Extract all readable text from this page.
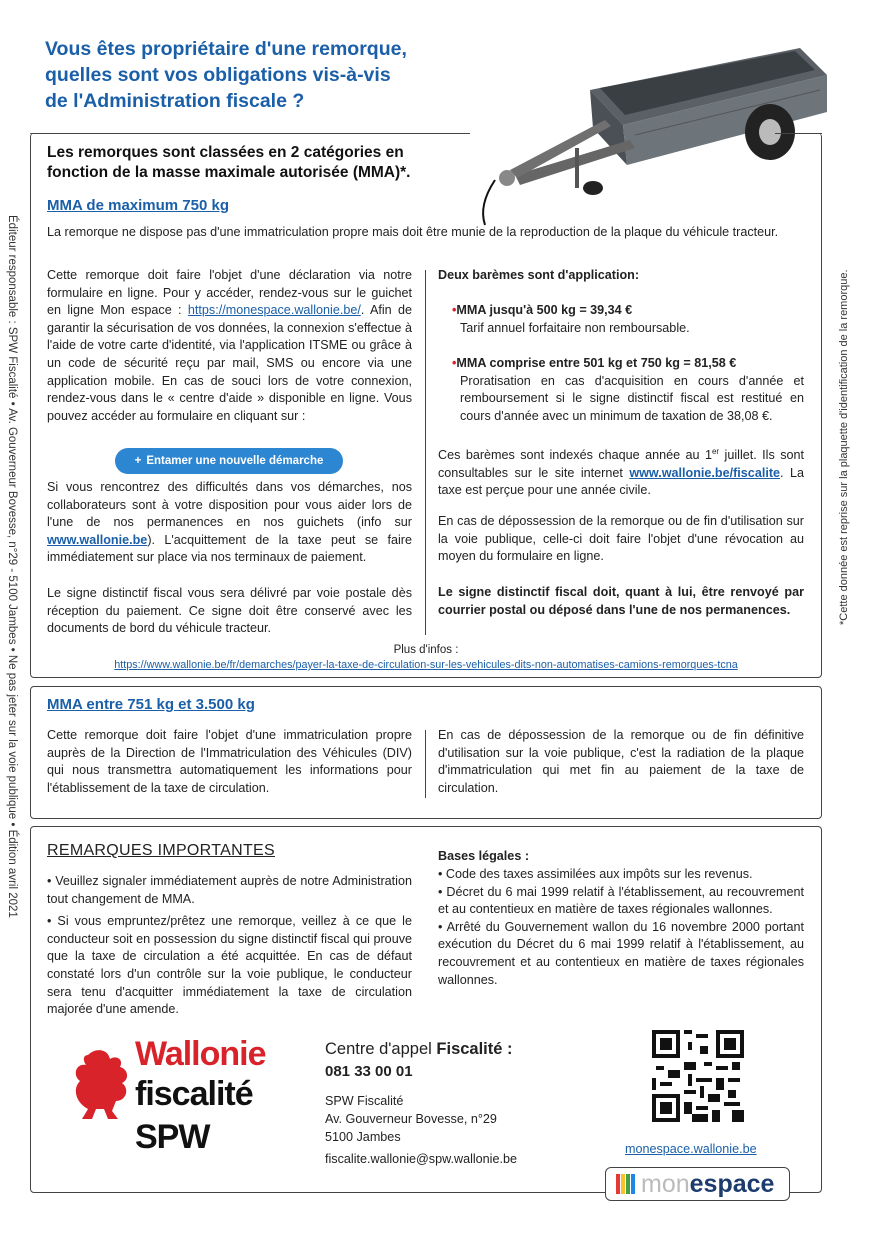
Éditeur responsable : SPW Fiscalité • Av. Gouverneur Bovesse, n°29 - 5100 Jambes • Ne pas jeter sur la voie publique • Édition avril 2021	*Cette donnée est reprise sur la plaquette d'identification de la remorque.
Vous êtes propriétaire d'une remorque,
quelles sont vos obligations vis-à-vis
de l'Administration fiscale ?
Les remorques sont classées en 2 catégories en
fonction de la masse maximale autorisée (MMA)*.
MMA de maximum 750 kg
La remorque ne dispose pas d'une immatriculation propre mais doit être munie de la reproduction de la plaque du véhicule tracteur.
Cette remorque doit faire l'objet d'une déclaration via notre formulaire en ligne. Pour y accéder, rendez-vous sur le guichet en ligne Mon espace : https://monespace.wallonie.be/. Afin de garantir la sécurisation de vos données, la connexion s'effectue à l'aide de votre carte d'identité, via l'application ITSME ou grâce à un code de sécurité reçu par mail, SMS ou encore via une application mobile. En cas de souci lors de votre connexion, rendez-vous dans le « centre d'aide » disponible en ligne. Vous pouvez accéder au formulaire en cliquant sur :
+ Entamer une nouvelle démarche
Si vous rencontrez des difficultés dans vos démarches, nos collaborateurs sont à votre disposition pour vous aider lors de l'une de nos permanences en nos guichets (info sur www.wallonie.be). L'acquittement de la taxe peut se faire immédiatement sur place via nos terminaux de paiement.
Le signe distinctif fiscal vous sera délivré par voie postale dès réception du paiement. Ce signe doit être conservé avec les documents de bord du véhicule tracteur.
Deux barèmes sont d'application:
•MMA jusqu'à 500 kg = 39,34 €
Tarif annuel forfaitaire non remboursable.
•MMA comprise entre 501 kg et 750 kg = 81,58 €
Proratisation en cas d'acquisition en cours d'année et remboursement si le signe distinctif fiscal est restitué en cours d'année avec un minimum de taxation de 38,08 €.
Ces barèmes sont indexés chaque année au 1er juillet. Ils sont consultables sur le site internet www.wallonie.be/fiscalite. La taxe est perçue pour une année civile.
En cas de dépossession de la remorque ou de fin d'utilisation sur la voie publique, celle-ci doit faire l'objet d'une révocation au moyen du formulaire en ligne.
Le signe distinctif fiscal doit, quant à lui, être renvoyé par courrier postal ou déposé dans l'une de nos permanences.
Plus d'infos :
https://www.wallonie.be/fr/demarches/payer-la-taxe-de-circulation-sur-les-vehicules-dits-non-automatises-camions-remorques-tcna
MMA entre 751 kg et 3.500 kg
Cette remorque doit faire l'objet d'une immatriculation propre auprès de la Direction de l'Immatriculation des Véhicules (DIV) qui nous transmettra automatiquement les informations pour l'établissement de la taxe de circulation.
En cas de dépossession de la remorque ou de fin définitive d'utilisation sur la voie publique, c'est la radiation de la plaque d'immatriculation qui met fin au paiement de la taxe de circulation.
REMARQUES IMPORTANTES
• Veuillez signaler immédiatement auprès de notre Administration tout changement de MMA.
• Si vous empruntez/prêtez une remorque, veillez à ce que le conducteur soit en possession du signe distinctif fiscal qui prouve que la taxe de circulation a été acquittée. En cas de défaut constaté lors d'un contrôle sur la voie publique, le conducteur sera tenu d'acquitter immédiatement la taxe de circulation majorée d'une amende.
Bases légales :
• Code des taxes assimilées aux impôts sur les revenus.
• Décret du 6 mai 1999 relatif à l'établissement, au recouvrement et au contentieux en matière de taxes régionales wallonnes.
• Arrêté du Gouvernement wallon du 16 novembre 2000 portant exécution du Décret du 6 mai 1999 relatif à l'établissement, au recouvrement et au contentieux en matière de taxes régionales wallonnes.
Wallonie
fiscalité
SPW
Centre d'appel Fiscalité :
081 33 00 01
SPW Fiscalité
Av. Gouverneur Bovesse, n°29
5100 Jambes
fiscalite.wallonie@spw.wallonie.be
monespace.wallonie.be
mon espace
